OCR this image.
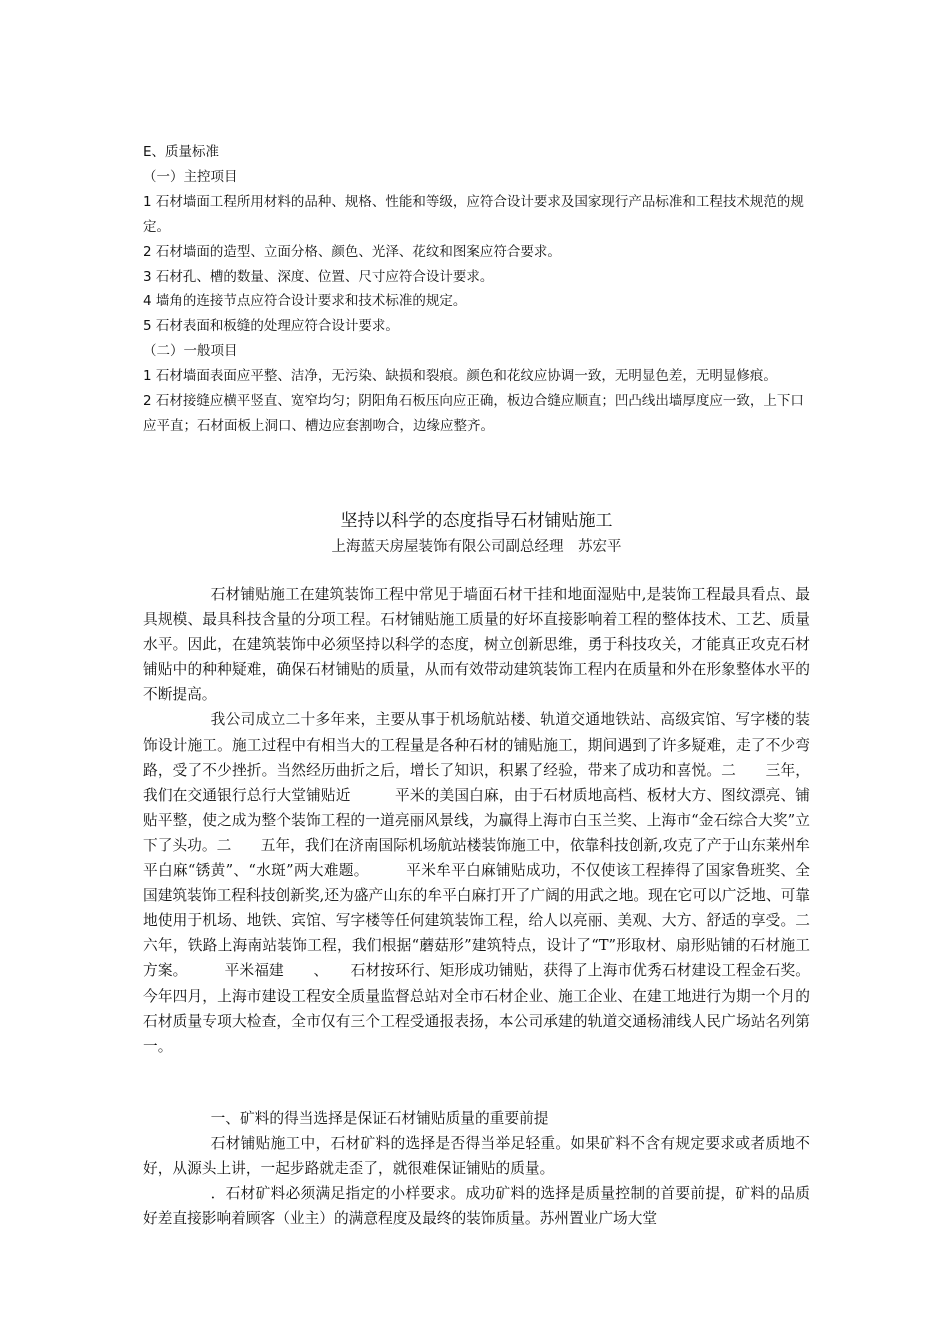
E、质量标准

（一）主控项目

1 石材墙面工程所用材料的品种、规格、性能和等级，应符合设计要求及国家现行产品标准和工程技术规范的规定。

2 石材墙面的造型、立面分格、颜色、光泽、花纹和图案应符合要求。

3 石材孔、槽的数量、深度、位置、尺寸应符合设计要求。

4 墙角的连接节点应符合设计要求和技术标准的规定。

5 石材表面和板缝的处理应符合设计要求。

（二）一般项目

1 石材墙面表面应平整、洁净，无污染、缺损和裂痕。颜色和花纹应协调一致，无明显色差，无明显修痕。

2 石材接缝应横平竖直、宽窄均匀；阴阳角石板压向应正确，板边合缝应顺直；凹凸线出墙厚度应一致，上下口应平直；石材面板上洞口、槽边应套割吻合，边缘应整齐。

坚持以科学的态度指导石材铺贴施工

上海蓝天房屋装饰有限公司副总经理　苏宏平

石材铺贴施工在建筑装饰工程中常见于墙面石材干挂和地面湿贴中,是装饰工程最具看点、最具规模、最具科技含量的分项工程。石材铺贴施工质量的好坏直接影响着工程的整体技术、工艺、质量水平。因此，在建筑装饰中必须坚持以科学的态度，树立创新思维，勇于科技攻关，才能真正攻克石材铺贴中的种种疑难，确保石材铺贴的质量，从而有效带动建筑装饰工程内在质量和外在形象整体水平的不断提高。

我公司成立二十多年来，主要从事于机场航站楼、轨道交通地铁站、高级宾馆、写字楼的装饰设计施工。施工过程中有相当大的工程量是各种石材的铺贴施工，期间遇到了许多疑难，走了不少弯路，受了不少挫折。当然经历曲折之后，增长了知识，积累了经验，带来了成功和喜悦。二　　三年，我们在交通银行总行大堂铺贴近　　　平米的美国白麻，由于石材质地高档、板材大方、图纹漂亮、铺贴平整，使之成为整个装饰工程的一道亮丽风景线，为赢得上海市白玉兰奖、上海市“金石综合大奖”立下了头功。二　　五年，我们在济南国际机场航站楼装饰施工中，依靠科技创新,攻克了产于山东莱州牟平白麻“锈黄”、“水斑”两大难题。　　　平米牟平白麻铺贴成功，不仅使该工程捧得了国家鲁班奖、全国建筑装饰工程科技创新奖,还为盛产山东的牟平白麻打开了广阔的用武之地。现在它可以广泛地、可靠地使用于机场、地铁、宾馆、写字楼等任何建筑装饰工程，给人以亮丽、美观、大方、舒适的享受。二　　六年，铁路上海南站装饰工程，我们根据“蘑菇形”建筑特点，设计了“T”形取材、扇形贴铺的石材施工方案。　　　平米福建　　、　　石材按环行、矩形成功铺贴，获得了上海市优秀石材建设工程金石奖。今年四月，上海市建设工程安全质量监督总站对全市石材企业、施工企业、在建工地进行为期一个月的石材质量专项大检查，全市仅有三个工程受通报表扬，本公司承建的轨道交通杨浦线人民广场站名列第一。

一、矿料的得当选择是保证石材铺贴质量的重要前提

石材铺贴施工中，石材矿料的选择是否得当举足轻重。如果矿料不含有规定要求或者质地不好，从源头上讲，一起步路就走歪了，就很难保证铺贴的质量。

．石材矿料必须满足指定的小样要求。成功矿料的选择是质量控制的首要前提，矿料的品质好差直接影响着顾客（业主）的满意程度及最终的装饰质量。苏州置业广场大堂
